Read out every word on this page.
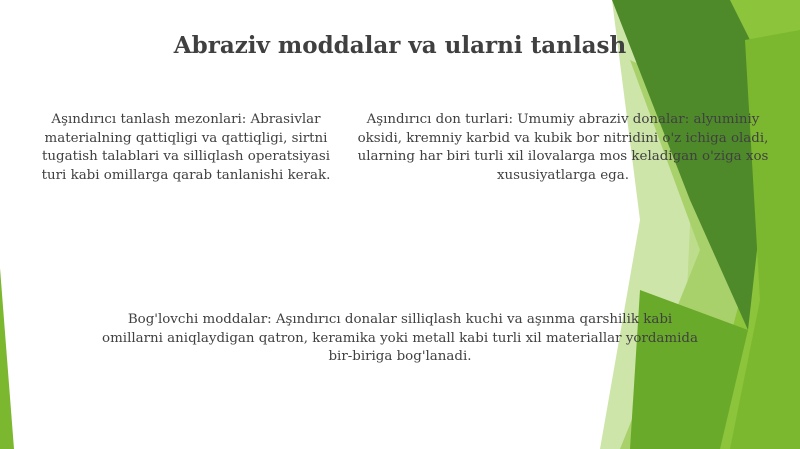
Abraziv moddalar va ularni tanlash

Aşındırıcı tanlash mezonlari: Abrasivlar materialning qattiqligi va qattiqligi, sirtni tugatish talablari va silliqlash operatsiyasi turi kabi omillarga qarab tanlanishi kerak.

Aşındırıcı don turlari: Umumiy abraziv donalar: alyuminiy oksidi, kremniy karbid va kubik bor nitridini o'z ichiga oladi, ularning har biri turli xil ilovalarga mos keladigan o'ziga xos xususiyatlarga ega.

Bog'lovchi moddalar: Aşındırıcı donalar silliqlash kuchi va aşınma qarshilik kabi omillarni aniqlaydigan qatron, keramika yoki metall kabi turli xil materiallar yordamida bir-biriga bog'lanadi.
